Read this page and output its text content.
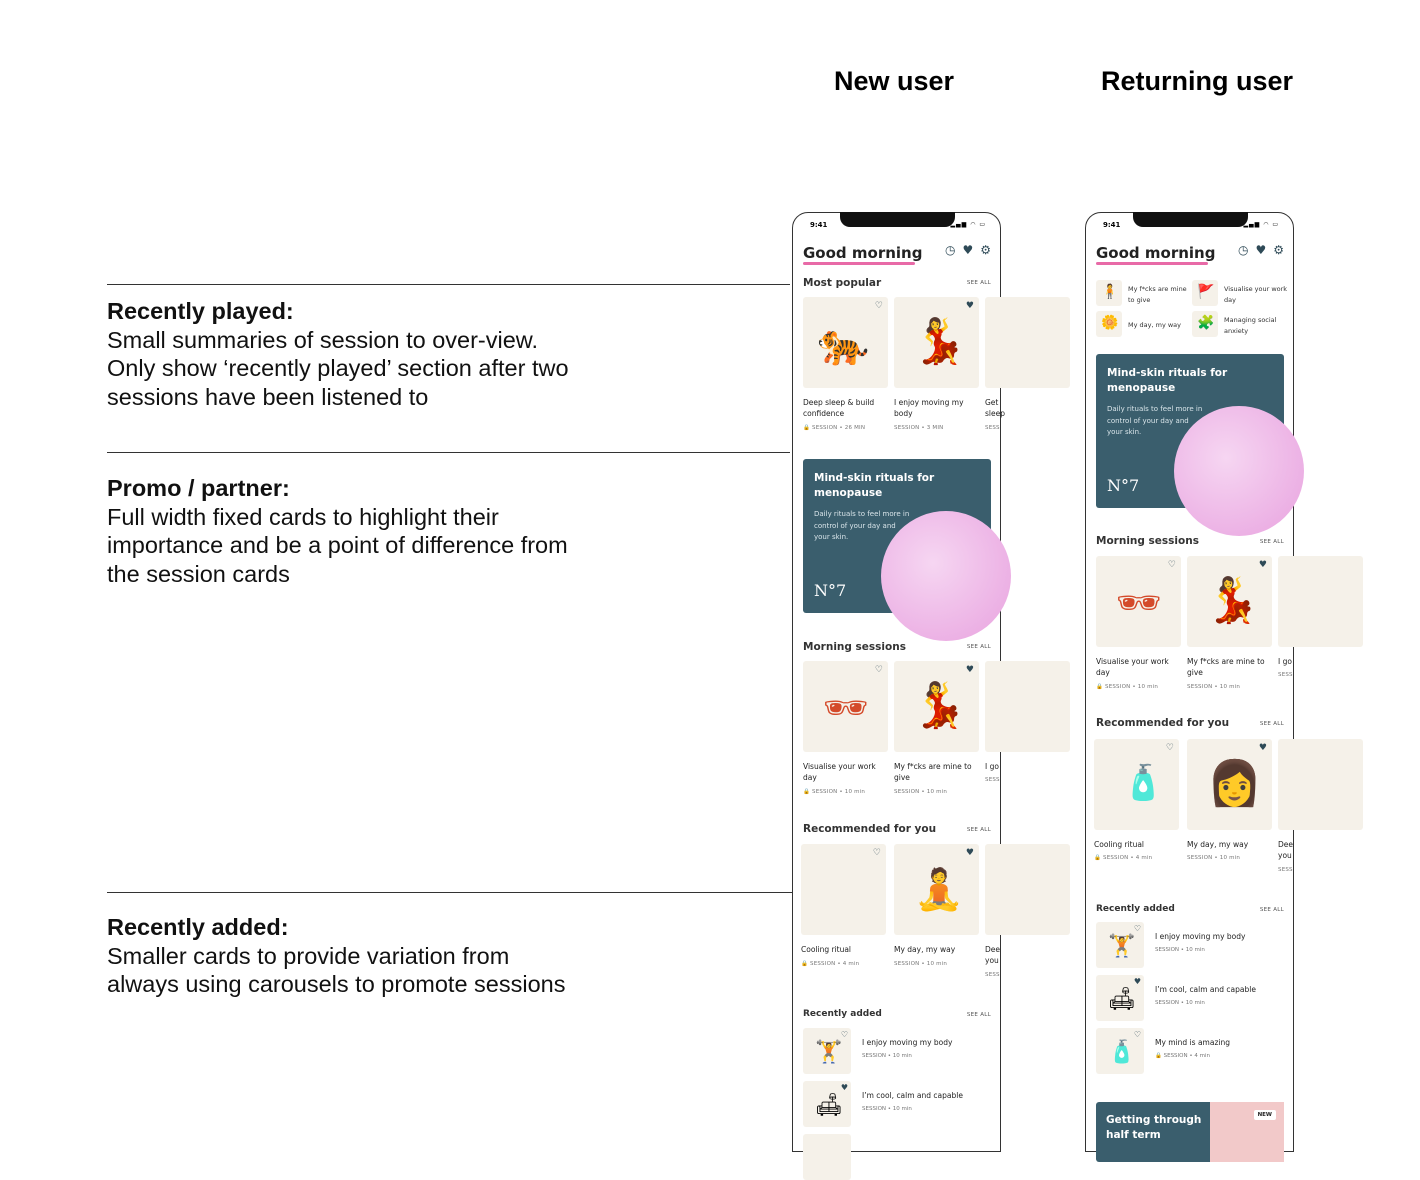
New user	Returning user
Recently played:
Small summaries of session to over-view. Only show ‘recently played’ section after two sessions have been listened to
Promo / partner:
Full width fixed cards to highlight their importance and be a point of difference from the session cards
Recently added:
Smaller cards to provide variation from always using carousels to promote sessions
9:41	▂▄▆ ◠ ▭
Good morning ◷ ♥ ⚙
Most popular	SEE ALL
♡
🐅
Deep sleep & build confidence
🔒 SESSION • 26 MIN
♥
💃
I enjoy moving my body
SESSION • 3 MIN
Get sleep
SESS
Mind-skin rituals for menopause
Daily rituals to feel more in control of your day and your skin.
N°7
Morning sessions	SEE ALL
♡
🕶
Visualise your work day
🔒 SESSION • 10 min
♥
💃
My f*cks are mine to give
SESSION • 10 min
I go
SESS
Recommended for you	SEE ALL
♡
Cooling ritual
🔒 SESSION • 4 min
♥
🧘
My day, my way
SESSION • 10 min
Dee you
SESS
Recently added	SEE ALL
♡
🏋	I enjoy moving my body
SESSION • 10 min
♥
🛋	I’m cool, calm and capable
SESSION • 10 min
9:41	▂▄▆ ◠ ▭
Good morning ◷ ♥ ⚙
🧍 My f*cks are mine to give	🚩 Visualise your work day
🌼 My day, my way	🧩 Managing social anxiety
Mind-skin rituals for menopause
Daily rituals to feel more in control of your day and your skin.
N°7
Morning sessions	SEE ALL
♡
🕶
Visualise your work day
🔒 SESSION • 10 min
♥
💃
My f*cks are mine to give
SESSION • 10 min
I go
SESS
Recommended for you	SEE ALL
♡
🧴
Cooling ritual
🔒 SESSION • 4 min
♥
👩
My day, my way
SESSION • 10 min
Dee you
SESS
Recently added	SEE ALL
♡
🏋	I enjoy moving my body
SESSION • 10 min
♥
🛋	I’m cool, calm and capable
SESSION • 10 min
♡
🧴	My mind is amazing
🔒 SESSION • 4 min
Getting through half term
NEW
